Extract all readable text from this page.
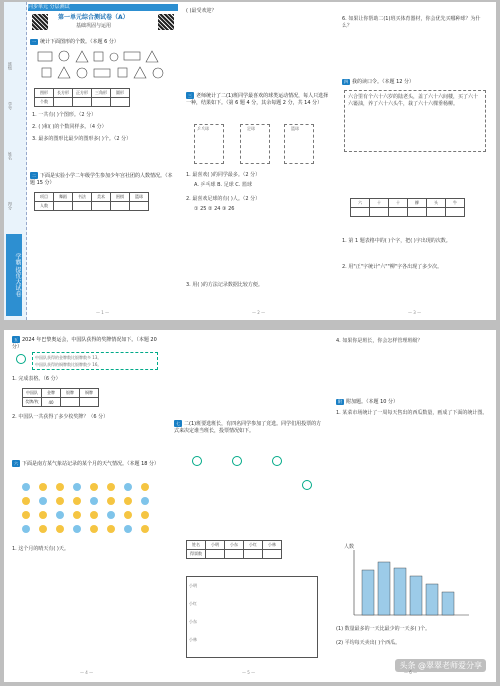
班级
学号
姓名
得分
学霸 提优大试卷
同步单元 分层测试
第一单元综合测试卷（A）
基础巩固与运用
一 统计下面图形的个数。（本题 6 分）
图形	长方形	正方形	三角形	圆形
个数				
1. 一共有( )个图形。（2 分）
2. ( )和( )的个数同样多。（4 分）
3. 最多的图形比最少的图形多( )个。（2 分）
二 下面是实验小学二年级学生参加少年宫社团的人数情况。（本题 15 分）
项目	舞蹈	书法	美术	围棋	篮球
人数					
— 1 —
( )最受欢迎？
三 老师统计了二(1)班同学最喜欢的球类运动情况，每人只选择一种，结果如下。（第 6 题 4 分，其余每题 2 分，共 14 分）
乒乓球	足球	篮球
1. 最喜欢( )的同学最多。（2 分）
A. 乒乓球 B. 足球 C. 篮球
2. 最喜欢足球的有( )人。（2 分）
① 25 ② 24 ③ 26
3. 用( )的方法记录数据比较方便。
— 2 —
6. 如果让你帮助二(1)班买体育器材，你会优先买哪种球？为什么？
四 我的读口令。（本题 12 分）
六合里有个六十六岁的陆老头，盖了六十六间楼，买了六十六篓油，养了六十六头牛，栽了六十六棵垂杨柳。
六	十	十	柳	头	牛

1. 第 1 题表格中的( )个字，把( )字出现的次数。
2. 用"正"字统计"六""柳"字各出现了多少次。
— 3 —
五 2024 年巴黎奥运会，中国队获得的奖牌情况如下。（本题 20 分）
中国队获得的金牌数比银牌数多 13。
中国队获得的铜牌数比银牌数少 16。
1. 完成表格。（6 分）
中国队	金牌	银牌	铜牌
奖牌/枚	40		
2. 中国队一共获得了多少枚奖牌？（6 分）
六 下面是南方某气象站记录的某个月的天气情况。（本题 18 分）
1. 这个月的晴天有( )天。
— 4 —
七 二(1)班要选班长，有四名同学参加了竞选。同学们用投票的方式来决定谁当班长，投票情况如下。
姓名	小明	小东	小红	小林
得票数				
小明
小红
小东
小林
— 5 —
4. 如果你是班长，你会怎样管理班级？
附 附加题。（本题 10 分）
1. 某菜市场统计了一周每天售出的西瓜数量，画成了下面的统计图。
人数
(1) 数量最多的一天比最少的一天多( )个。
(2) 平均每天卖出( )个西瓜。
— 6 —
头条 @翠翠老师爱分享
